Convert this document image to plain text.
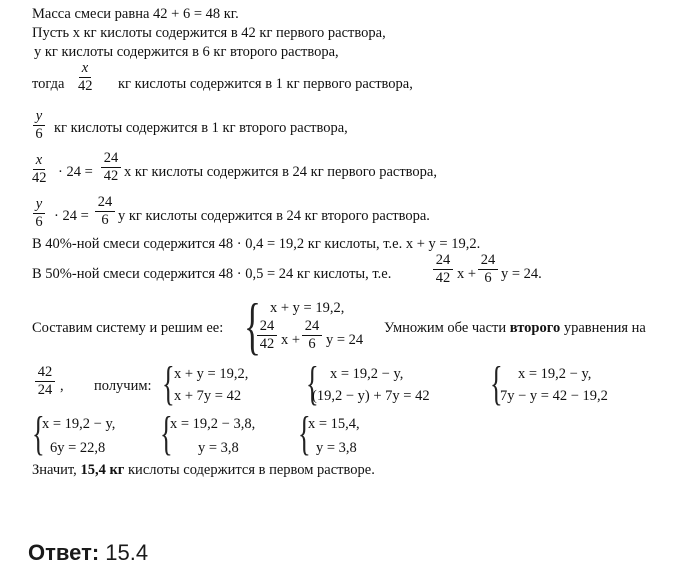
Масса смеси равна 42 + 6 = 48 кг.
Пусть x кг кислоты содержится в 42 кг первого раствора,
y кг кислоты содержится в 6 кг второго раствора,
тогда
x
42 кг кислоты содержится в 1 кг первого раствора,
y
6 кг кислоты содержится в 1 кг второго раствора,
x
42 · 24 =
24
42 x кг кислоты содержится в 24 кг первого раствора,
y
6 · 24 =
24
6 y кг кислоты содержится в 24 кг второго раствора.
В 40%-ной смеси содержится 48 · 0,4 = 19,2 кг кислоты, т.е. x + y = 19,2.
В 50%-ной смеси содержится 48 · 0,5 = 24 кг кислоты, т.е.
24
42 x +
24
6 y = 24.
Составим систему и решим ее: { x + y = 19,2,
24
42 x +
24
6 y = 24
Умножим обе части второго уравнения на
42
24 , получим: { x + y = 19,2,
x + 7y = 42 { x = 19,2 − y,
(19,2 − y) + 7y = 42 { x = 19,2 − y,
7y − y = 42 − 19,2
{
x = 19,2 − y,
6y = 22,8 {
x = 19,2 − 3,8,
y = 3,8 {
x = 15,4,
y = 3,8
Значит, 15,4 кг кислоты содержится в первом растворе.
Ответ: 15.4
